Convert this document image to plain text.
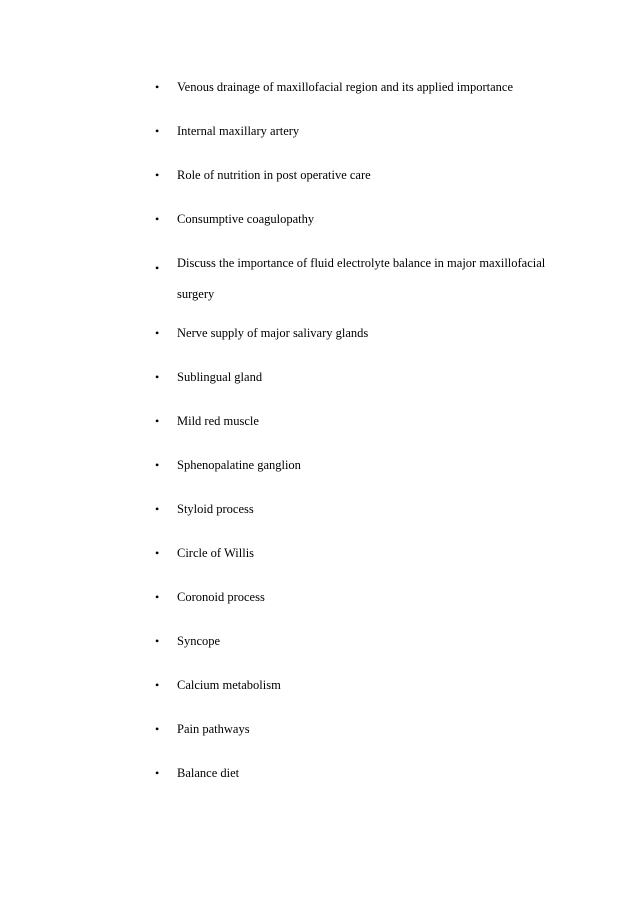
•	Venous drainage of maxillofacial region and its applied importance
•	Internal maxillary artery
•	Role of nutrition in post operative care
•	Consumptive coagulopathy
•	Discuss the importance of fluid electrolyte balance in major maxillofacial surgery
•	Nerve supply of major salivary glands
•	Sublingual gland
•	Mild red muscle
•	Sphenopalatine ganglion
•	Styloid process
•	Circle of Willis
•	Coronoid process
•	Syncope
•	Calcium metabolism
•	Pain pathways
•	Balance diet
